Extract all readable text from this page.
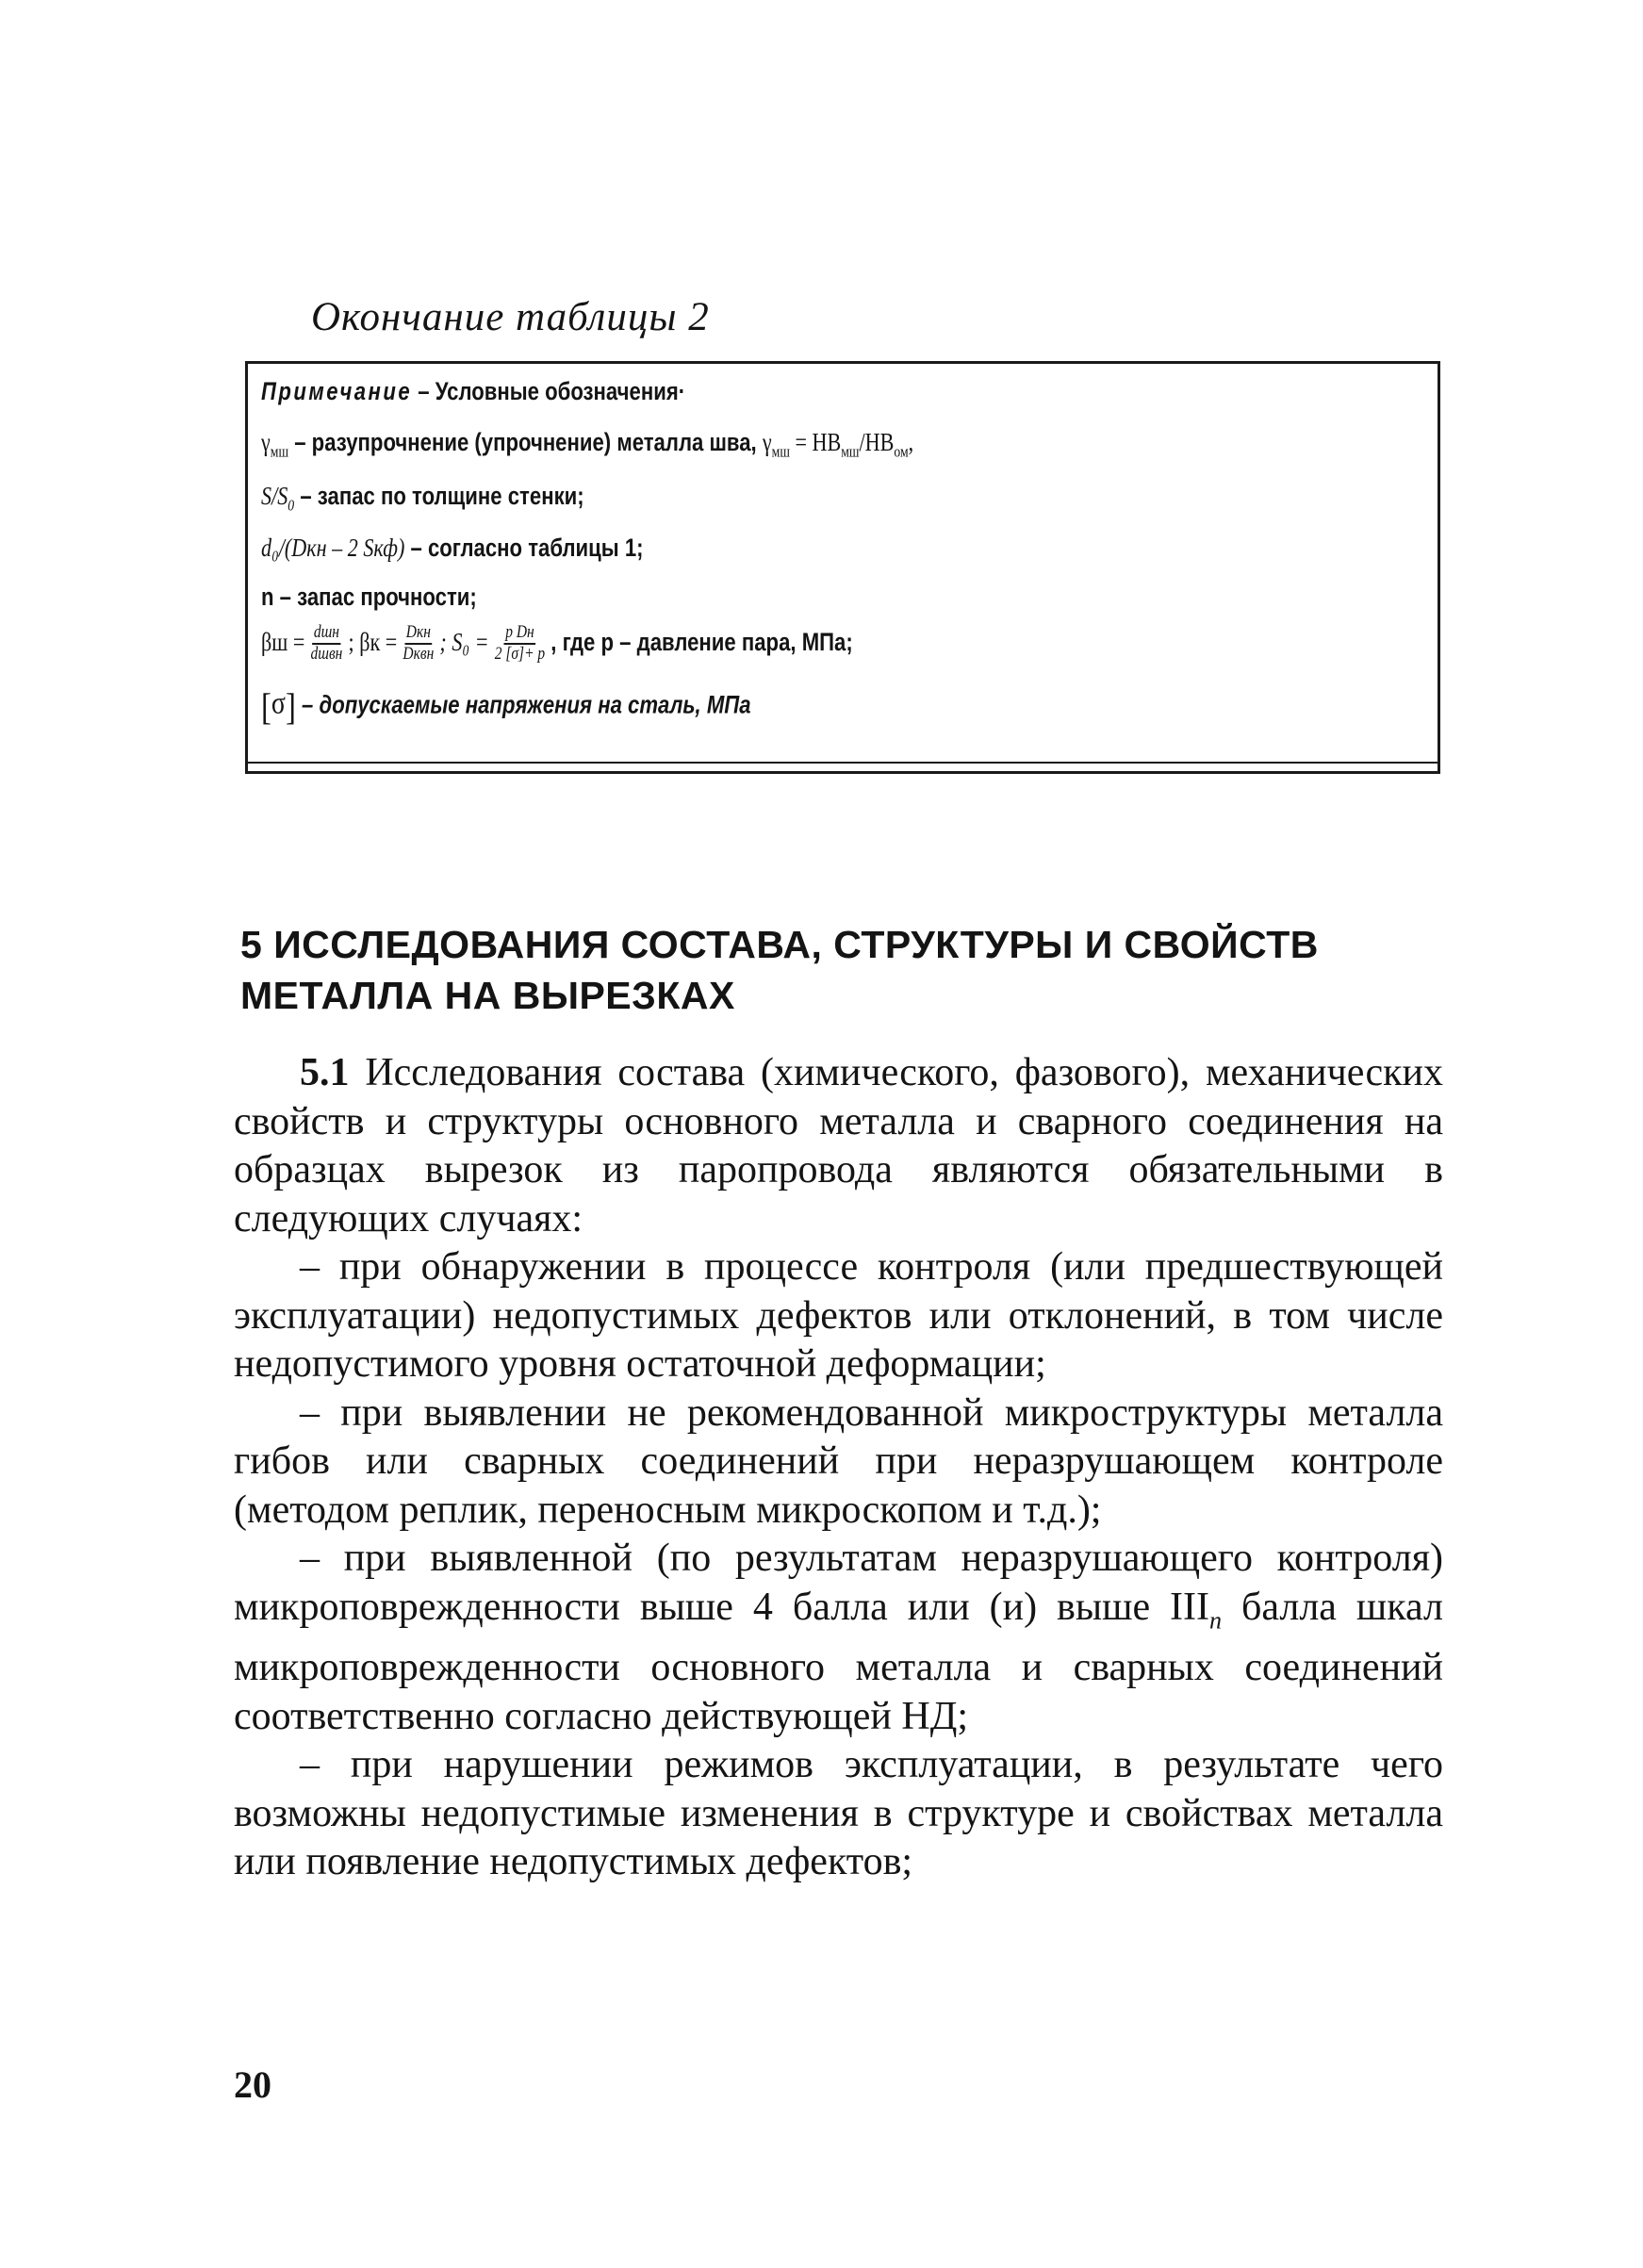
Окончание таблицы 2
Примечание – Условные обозначения·
$\gamma_{мш}$ – разупрочнение (упрочнение) металла шва, $\gamma_{мш} = НВ_{мш}/НВ_{ом}$,
$S/S_0$ – запас по толщине стенки;
d₀/(Dкн – 2 Sкф) – согласно таблицы 1;
n – запас прочности;
$\beta ш = \frac{\text{dшн}}{\text{dшвн}}$ ; $\beta к = \frac{\text{Dкн}}{\text{Dквн}}$ ; $S_0 = \frac{\text{p Dн}}{2 [\sigma]+ p}$ , где p – давление пара, МПа;
[σ] – допускаемые напряжения на сталь, МПа
5 ИССЛЕДОВАНИЯ СОСТАВА, СТРУКТУРЫ И СВОЙСТВ
МЕТАЛЛА НА ВЫРЕЗКАХ

5.1 Исследования состава (химического, фазового), механических свойств и структуры основного металла и сварного соединения на образцах вырезок из паропровода являются обязательными в следующих случаях:

– при обнаружении в процессе контроля (или предшествующей эксплуатации) недопустимых дефектов или отклонений, в том числе недопустимого уровня остаточной деформации;

– при выявлении не рекомендованной микроструктуры металла гибов или сварных соединений при неразрушающем контроле (методом реплик, переносным микроскопом и т.д.);

– при выявленной (по результатам неразрушающего контроля) микроповрежденности выше 4 балла или (и) выше $III_п$ балла шкал микроповрежденности основного металла и сварных соединений соответственно согласно действующей НД;

– при нарушении режимов эксплуатации, в результате чего возможны недопустимые изменения в структуре и свойствах металла или появление недопустимых дефектов;

20
